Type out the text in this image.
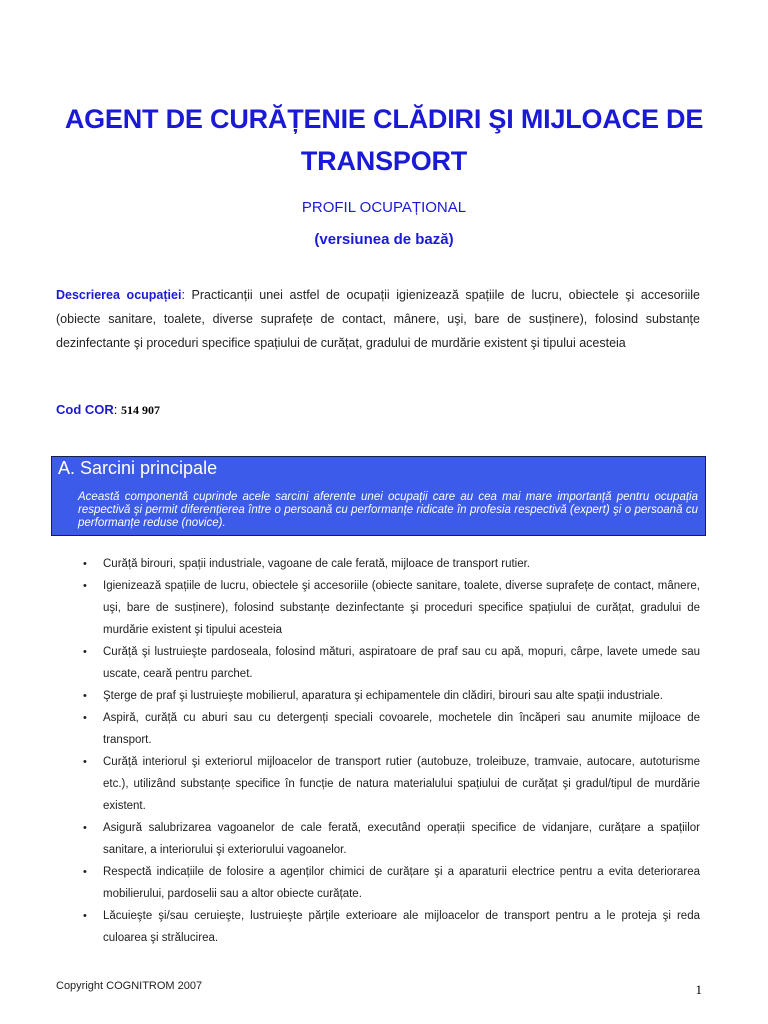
AGENT DE CURĂȚENIE CLĂDIRI ŞI MIJLOACE DE TRANSPORT
PROFIL OCUPAȚIONAL
(versiunea de bază)
Descrierea ocupației: Practicanții unei astfel de ocupații igienizează spațiile de lucru, obiectele şi accesoriile (obiecte sanitare, toalete, diverse suprafețe de contact, mânere, uşi, bare de susținere), folosind substanțe dezinfectante şi proceduri specifice spațiului de curățat, gradului de murdărie existent şi tipului acesteia
Cod COR: 514 907
A. Sarcini principale
Această componentă cuprinde acele sarcini aferente unei ocupații care au cea mai mare importanță pentru ocupația respectivă şi permit diferențierea între o persoană cu performanțe ridicate în profesia respectivă (expert) şi o persoană cu performanțe reduse (novice).
• Curăță birouri, spații industriale, vagoane de cale ferată, mijloace de transport rutier.
• Igienizează spațiile de lucru, obiectele şi accesoriile (obiecte sanitare, toalete, diverse suprafețe de contact, mânere, uşi, bare de susținere), folosind substanțe dezinfectante şi proceduri specifice spațiului de curățat, gradului de murdărie existent şi tipului acesteia
• Curăță şi lustruieşte pardoseala, folosind mături, aspiratoare de praf sau cu apă, mopuri, cârpe, lavete umede sau uscate, ceară pentru parchet.
• Şterge de praf şi lustruieşte mobilierul, aparatura şi echipamentele din clădiri, birouri sau alte spații industriale.
• Aspiră, curăță cu aburi sau cu detergenți speciali covoarele, mochetele din încăperi sau anumite mijloace de transport.
• Curăță interiorul şi exteriorul mijloacelor de transport rutier (autobuze, troleibuze, tramvaie, autocare, autoturisme etc.), utilizând substanțe specifice în funcție de natura materialului spațiului de curățat şi gradul/tipul de murdărie existent.
• Asigură salubrizarea vagoanelor de cale ferată, executând operații specifice de vidanjare, curățare a spațiilor sanitare, a interiorului şi exteriorului vagoanelor.
• Respectă indicațiile de folosire a agenților chimici de curățare şi a aparaturii electrice pentru a evita deteriorarea mobilierului, pardoselii sau a altor obiecte curățate.
• Lăcuieşte şi/sau ceruieşte, lustruieşte părțile exterioare ale mijloacelor de transport pentru a le proteja şi reda culoarea şi strălucirea.
Copyright COGNITROM 2007	1
